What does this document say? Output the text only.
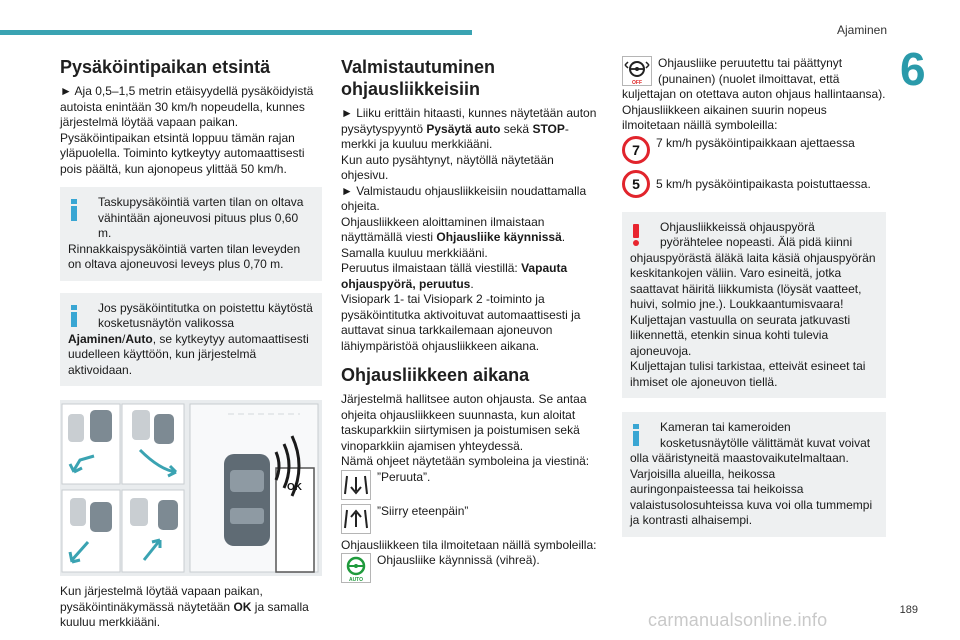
Ajaminen
6
Pysäköintipaikan etsintä

► Aja 0,5–1,5 metrin etäisyydellä pysäköidyistä autoista enintään 30 km/h nopeudella, kunnes järjestelmä löytää vapaan paikan.

Pysäköintipaikan etsintä loppuu tämän rajan yläpuolella. Toiminto kytkeytyy automaattisesti pois päältä, kun ajonopeus ylittää 50 km/h.

Taskupysäköintiä varten tilan on oltava

vähintään ajoneuvosi pituus plus 0,60 m.

Rinnakkaispysäköintiä varten tilan leveyden on oltava ajoneuvosi leveys plus 0,70 m.

Jos pysäköintitutka on poistettu käytöstä

kosketusnäytön valikossa

Ajaminen/Auto, se kytkeytyy automaattisesti uudelleen käyttöön, kun järjestelmä aktivoidaan.

OK

Kun järjestelmä löytää vapaan paikan, pysäköintinäkymässä näytetään OK ja samalla kuuluu merkkiääni.

Valmistautuminen ohjausliikkeisiin

► Liiku erittäin hitaasti, kunnes näytetään auton pysäytyspyyntö Pysäytä auto sekä STOP-merkki ja kuuluu merkkiääni.

Kun auto pysähtynyt, näytöllä näytetään ohjesivu.

► Valmistaudu ohjausliikkeisiin noudattamalla ohjeita.

Ohjausliikkeen aloittaminen ilmaistaan näyttämällä viesti Ohjausliike käynnissä.

Samalla kuuluu merkkiääni.

Peruutus ilmaistaan tällä viestillä: Vapauta ohjauspyörä, peruutus.

Visiopark 1- tai Visiopark 2 -toiminto ja pysäköintitutka aktivoituvat automaattisesti ja auttavat sinua tarkkailemaan ajoneuvon lähiympäristöä ohjausliikkeen aikana.

Ohjausliikkeen aikana

Järjestelmä hallitsee auton ohjausta. Se antaa ohjeita ohjausliikkeen suunnasta, kun aloitat taskuparkkiin siirtymisen ja poistumisen sekä vinoparkkiin ajamisen yhteydessä.

Nämä ohjeet näytetään symboleina ja viestinä:

”Peruuta”.
”Siirry eteenpäin”

Ohjausliikkeen tila ilmoitetaan näillä symboleilla:

AUTO
Ohjausliike käynnissä (vihreä).
OFF
Ohjausliike peruutettu tai päättynyt
(punainen) (nuolet ilmoittavat, että

kuljettajan on otettava auton ohjaus hallintaansa).

Ohjausliikkeen aikainen suurin nopeus ilmoitetaan näillä symboleilla:

7	7 km/h pysäköintipaikkaan ajettaessa
5	5 km/h pysäköintipaikasta poistuttaessa.

Ohjausliikkeissä ohjauspyörä

pyörähtelee nopeasti. Älä pidä kiinni

ohjauspyörästä äläkä laita käsiä ohjauspyörän keskitankojen väliin. Varo esineitä, jotka saattavat häiritä liikkumista (löysät vaatteet, huivi, solmio jne.). Loukkaantumisvaara!

Kuljettajan vastuulla on seurata jatkuvasti liikennettä, etenkin sinua kohti tulevia ajoneuvoja.

Kuljettajan tulisi tarkistaa, etteivät esineet tai ihmiset ole ajoneuvon tiellä.

Kameran tai kameroiden

kosketusnäytölle välittämät kuvat voivat

olla vääristyneitä maastovaikutelmaltaan. Varjoisilla alueilla, heikossa auringonpaisteessa tai heikoissa valaistusolosuhteissa kuva voi olla tummempi ja kontrasti alhaisempi.

189
carmanualsonline.info
